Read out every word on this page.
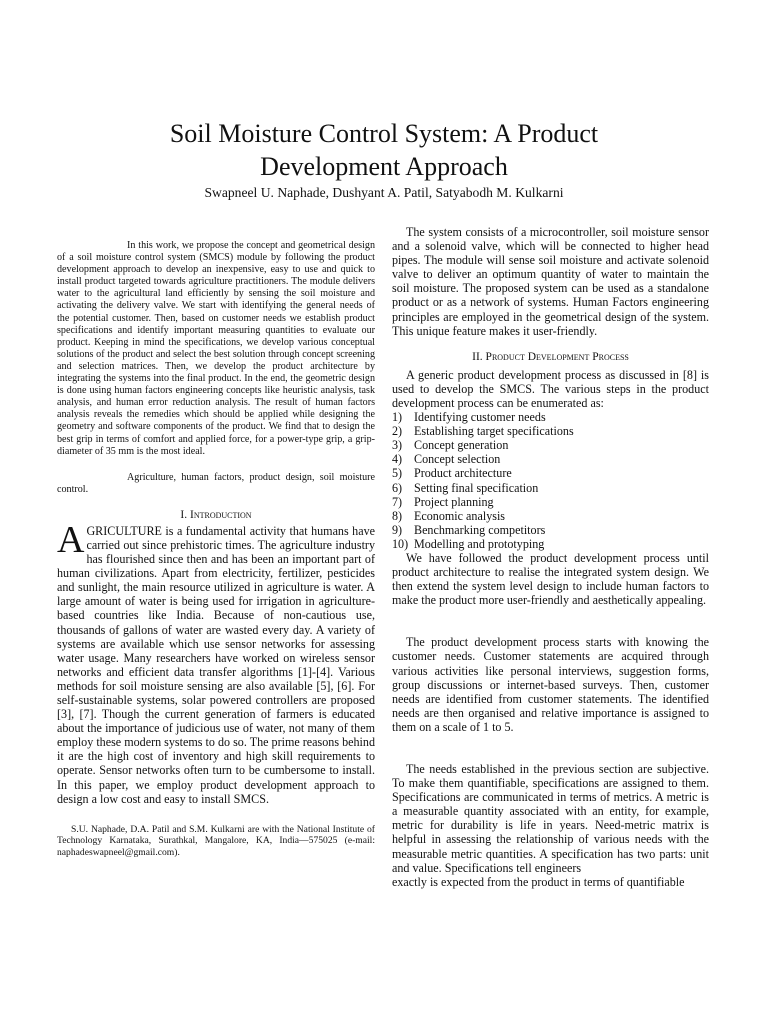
Soil Moisture Control System: A Product
Development Approach
Swapneel U. Naphade, Dushyant A. Patil, Satyabodh M. Kulkarni

In this work, we propose the concept and geometrical design of a soil moisture control system (SMCS) module by following the product development approach to develop an inexpensive, easy to use and quick to install product targeted towards agriculture practitioners. The module delivers water to the agricultural land efficiently by sensing the soil moisture and activating the delivery valve. We start with identifying the general needs of the potential customer. Then, based on customer needs we establish product specifications and identify important measuring quantities to evaluate our product. Keeping in mind the specifications, we develop various conceptual solutions of the product and select the best solution through concept screening and selection matrices. Then, we develop the product architecture by integrating the systems into the final product. In the end, the geometric design is done using human factors engineering concepts like heuristic analysis, task analysis, and human error reduction analysis. The result of human factors analysis reveals the remedies which should be applied while designing the geometry and software components of the product. We find that to design the best grip in terms of comfort and applied force, for a power-type grip, a grip-diameter of 35 mm is the most ideal.

Agriculture, human factors, product design, soil moisture control.

I. Introduction

AGRICULTURE is a fundamental activity that humans have carried out since prehistoric times. The agriculture industry has flourished since then and has been an important part of human civilizations. Apart from electricity, fertilizer, pesticides and sunlight, the main resource utilized in agriculture is water. A large amount of water is being used for irrigation in agriculture-based countries like India. Because of non-cautious use, thousands of gallons of water are wasted every day. A variety of systems are available which use sensor networks for assessing water usage. Many researchers have worked on wireless sensor networks and efficient data transfer algorithms [1]-[4]. Various methods for soil moisture sensing are also available [5], [6]. For self-sustainable systems, solar powered controllers are proposed [3], [7]. Though the current generation of farmers is educated about the importance of judicious use of water, not many of them employ these modern systems to do so. The prime reasons behind it are the high cost of inventory and high skill requirements to operate. Sensor networks often turn to be cumbersome to install. In this paper, we employ product development approach to design a low cost and easy to install SMCS.

S.U. Naphade, D.A. Patil and S.M. Kulkarni are with the National Institute of Technology Karnataka, Surathkal, Mangalore, KA, India—575025 (e-mail: naphadeswapneel@gmail.com).

The system consists of a microcontroller, soil moisture sensor and a solenoid valve, which will be connected to higher head pipes. The module will sense soil moisture and activate solenoid valve to deliver an optimum quantity of water to maintain the soil moisture. The proposed system can be used as a standalone product or as a network of systems. Human Factors engineering principles are employed in the geometrical design of the system. This unique feature makes it user-friendly.

II. Product Development Process

A generic product development process as discussed in [8] is used to develop the SMCS. The various steps in the product development process can be enumerated as:

1) Identifying customer needs
2) Establishing target specifications
3) Concept generation
4) Concept selection
5) Product architecture
6) Setting final specification
7) Project planning
8) Economic analysis
9) Benchmarking competitors
10) Modelling and prototyping

We have followed the product development process until product architecture to realise the integrated system design. We then extend the system level design to include human factors to make the product more user-friendly and aesthetically appealing.

The product development process starts with knowing the customer needs. Customer statements are acquired through various activities like personal interviews, suggestion forms, group discussions or internet-based surveys. Then, customer needs are identified from customer statements. The identified needs are then organised and relative importance is assigned to them on a scale of 1 to 5.

The needs established in the previous section are subjective. To make them quantifiable, specifications are assigned to them. Specifications are communicated in terms of metrics. A metric is a measurable quantity associated with an entity, for example, metric for durability is life in years. Need-metric matrix is helpful in assessing the relationship of various needs with the measurable metric quantities. A specification has two parts: unit and value. Specifications tell engineers

exactly is expected from the product in terms of quantifiable
